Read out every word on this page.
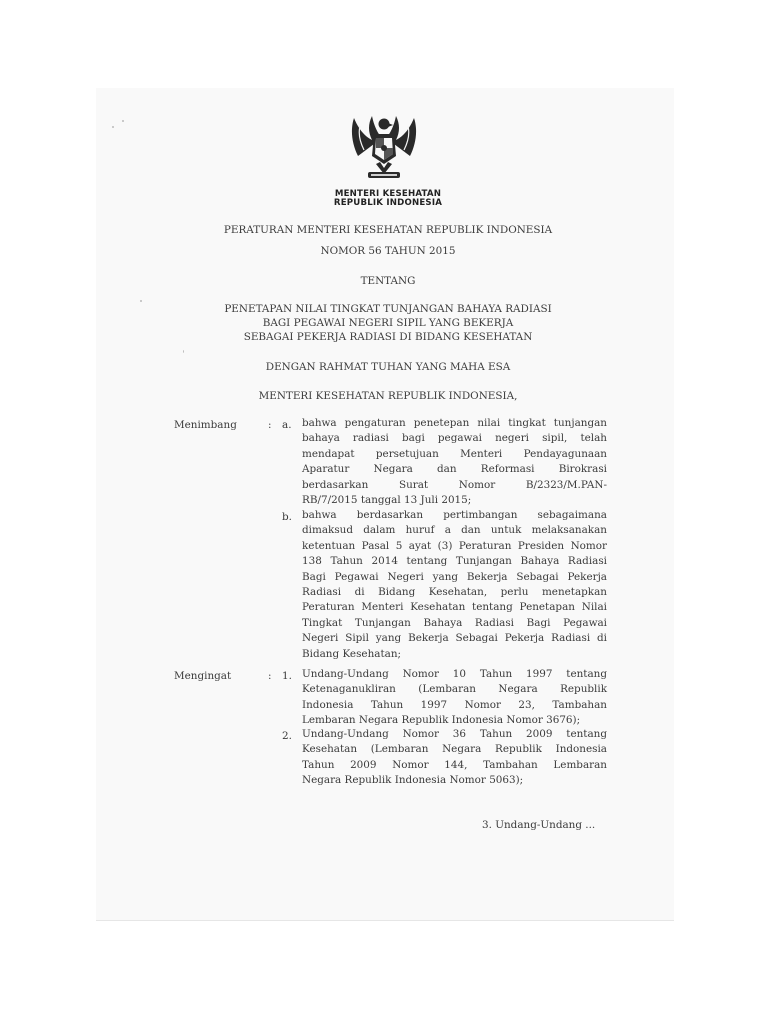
MENTERI KESEHATAN
REPUBLIK INDONESIA
PERATURAN MENTERI KESEHATAN REPUBLIK INDONESIA
NOMOR 56 TAHUN 2015
TENTANG
PENETAPAN NILAI TINGKAT TUNJANGAN BAHAYA RADIASI
BAGI PEGAWAI NEGERI SIPIL YANG BEKERJA
SEBAGAI PEKERJA RADIASI DI BIDANG KESEHATAN
DENGAN RAHMAT TUHAN YANG MAHA ESA
MENTERI KESEHATAN REPUBLIK INDONESIA,
Menimbang	: a. bahwa pengaturan penetepan nilai tingkat tunjangan
bahaya radiasi bagi pegawai negeri sipil, telah
mendapat persetujuan Menteri Pendayagunaan
Aparatur Negara dan Reformasi Birokrasi
berdasarkan Surat Nomor B/2323/M.PAN-
RB/7/2015 tanggal 13 Juli 2015;
b. bahwa berdasarkan pertimbangan sebagaimana
dimaksud dalam huruf a dan untuk melaksanakan
ketentuan Pasal 5 ayat (3) Peraturan Presiden Nomor
138 Tahun 2014 tentang Tunjangan Bahaya Radiasi
Bagi Pegawai Negeri yang Bekerja Sebagai Pekerja
Radiasi di Bidang Kesehatan, perlu menetapkan
Peraturan Menteri Kesehatan tentang Penetapan Nilai
Tingkat Tunjangan Bahaya Radiasi Bagi Pegawai
Negeri Sipil yang Bekerja Sebagai Pekerja Radiasi di
Bidang Kesehatan;
Mengingat	: 1. Undang-Undang Nomor 10 Tahun 1997 tentang
Ketenaganukliran (Lembaran Negara Republik
Indonesia Tahun 1997 Nomor 23, Tambahan
Lembaran Negara Republik Indonesia Nomor 3676);
2. Undang-Undang Nomor 36 Tahun 2009 tentang
Kesehatan (Lembaran Negara Republik Indonesia
Tahun 2009 Nomor 144, Tambahan Lembaran
Negara Republik Indonesia Nomor 5063);
3. Undang-Undang ...
